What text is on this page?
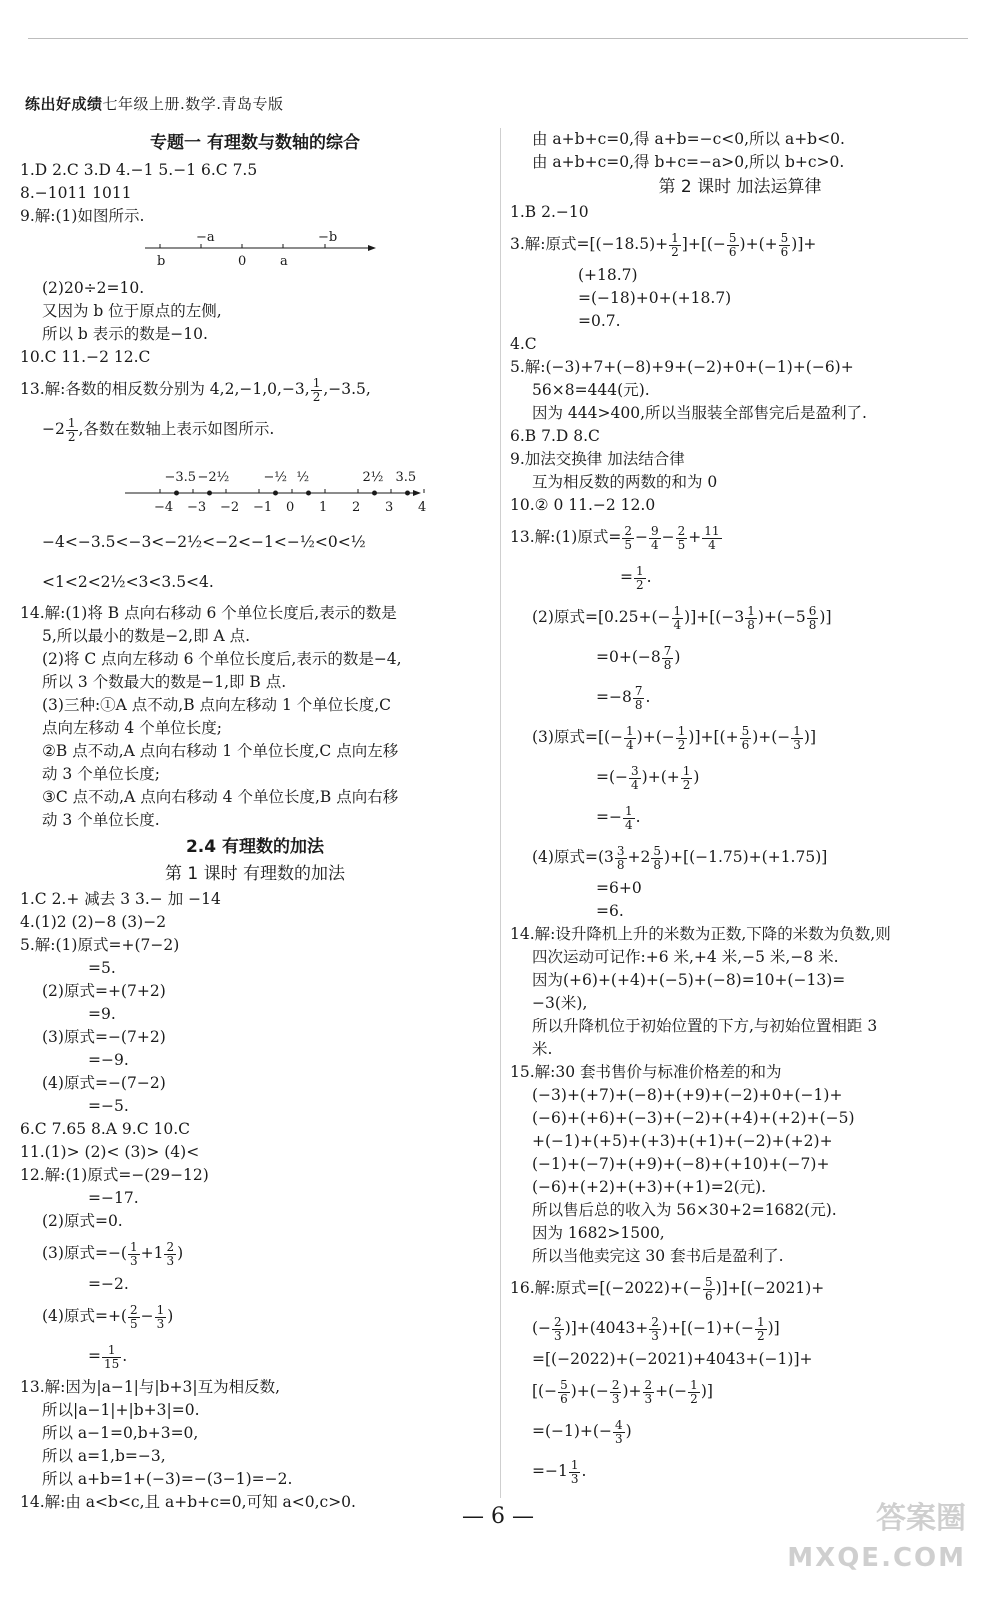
练出好成绩七年级上册.数学.青岛专版
专题一 有理数与数轴的综合
1.D 2.C 3.D 4.−1 5.−1 6.C 7.5
8.−1011 1011
9.解:(1)如图所示.
−a	−b
b	0	a
(2)20÷2=10.
又因为 b 位于原点的左侧,
所以 b 表示的数是−10.
10.C 11.−2 12.C
13.解:各数的相反数分别为 4,2,−1,0,−3, $\frac{1}{2} ,-3.5$,
$-2 \frac{1}{2}$ ,各数在数轴上表示如图所示.
−4 −3 −2 −1 0 1 2 3 4
−3.5 −2½	−½ ½	2½ 3.5
−4<−3.5<−3<−2½<−2<−1<−½<0<½
<1<2<2½<3<3.5<4.
14.解:(1)将 B 点向右移动 6 个单位长度后,表示的数是
5,所以最小的数是−2,即 A 点.
(2)将 C 点向左移动 6 个单位长度后,表示的数是−4,
所以 3 个数最大的数是−1,即 B 点.
(3)三种:①A 点不动,B 点向左移动 1 个单位长度,C
点向左移动 4 个单位长度;
②B 点不动,A 点向右移动 1 个单位长度,C 点向左移
动 3 个单位长度;
③C 点不动,A 点向右移动 4 个单位长度,B 点向右移
动 3 个单位长度.
2.4 有理数的加法
第 1 课时 有理数的加法
1.C 2.+ 减去 3 3.− 加 −14
4.(1)2 (2)−8 (3)−2
5.解:(1)原式=+(7−2)
=5.
(2)原式=+(7+2)
=9.
(3)原式=−(7+2)
=−9.
(4)原式=−(7−2)
=−5.
6.C 7.65 8.A 9.C 10.C
11.(1)> (2)< (3)> (4)<
12.解:(1)原式=−(29−12)
=−17.
(2)原式=0.
(3)原式=−( $\frac{1}{3} +1 \frac{2}{3}$ )
=−2.
(4)原式=+( $\frac{2}{5} - \frac{1}{3}$ )
= $\frac{1}{15}$ .
13.解:因为|a−1|与|b+3|互为相反数,
所以|a−1|+|b+3|=0.
所以 a−1=0,b+3=0,
所以 a=1,b=−3,
所以 a+b=1+(−3)=−(3−1)=−2.
14.解:由 a<b<c,且 a+b+c=0,可知 a<0,c>0.
由 a+b+c=0,得 a+b=−c<0,所以 a+b<0.
由 a+b+c=0,得 b+c=−a>0,所以 b+c>0.
第 2 课时 加法运算律
1.B 2.−10
3.解:原式$=[(-18.5)+ \frac{1}{2}$ ]+[(− $\frac{5}{6}$ )+(+ $\frac{5}{6}$ )]+
(+18.7)
=(−18)+0+(+18.7)
=0.7.
4.C
5.解:(−3)+7+(−8)+9+(−2)+0+(−1)+(−6)+
56×8=444(元).
因为 444>400,所以当服装全部售完后是盈利了.
6.B 7.D 8.C
9.加法交换律 加法结合律
互为相反数的两数的和为 0
10.② 0 11.−2 12.0
13.解:(1)原式= $\frac{2}{5} - \frac{9}{4} - \frac{2}{5} + \frac{11}{4}$
= $\frac{1}{2}$ .
(2)原式$=[0.25+(- \frac{1}{4} )]+[(-3 \frac{1}{8} )+(-5 \frac{6}{8}$ )]
$=0+(-8 \frac{7}{8}$ )
$=-8 \frac{7}{8}$ .
(3)原式=[(− $\frac{1}{4}$ )+(− $\frac{1}{2}$ )]+[(+ $\frac{5}{6}$ )+(− $\frac{1}{3}$ )]
=(− $\frac{3}{4}$ )+(+ $\frac{1}{2}$ )
=− $\frac{1}{4}$ .
(4)原式$=(3 \frac{3}{8} +2 \frac{5}{8} )+[(-1.75)+(+1.75)]$
=6+0
=6.
14.解:设升降机上升的米数为正数,下降的米数为负数,则
四次运动可记作:+6 米,+4 米,−5 米,−8 米.
因为(+6)+(+4)+(−5)+(−8)=10+(−13)=
−3(米),
所以升降机位于初始位置的下方,与初始位置相距 3
米.
15.解:30 套书售价与标准价格差的和为
(−3)+(+7)+(−8)+(+9)+(−2)+0+(−1)+
(−6)+(+6)+(−3)+(−2)+(+4)+(+2)+(−5)
+(−1)+(+5)+(+3)+(+1)+(−2)+(+2)+
(−1)+(−7)+(+9)+(−8)+(+10)+(−7)+
(−6)+(+2)+(+3)+(+1)=2(元).
所以售后总的收入为 56×30+2=1682(元).
因为 1682>1500,
所以当他卖完这 30 套书后是盈利了.
16.解:原式$=[(-2022)+(- \frac{5}{6} )]+[(-2021)+$
(− $\frac{2}{3} )]+(4043+ \frac{2}{3} )+[(-1)+(- \frac{1}{2}$ )]
=[(−2022)+(−2021)+4043+(−1)]+
[(− $\frac{5}{6}$ )+(− $\frac{2}{3}$ )+ $\frac{2}{3}$ +(− $\frac{1}{2}$ )]
$=(-1)+(- \frac{4}{3}$ )
$=-1 \frac{1}{3}$ .
— 6 —	答案圈
MXQE.COM
